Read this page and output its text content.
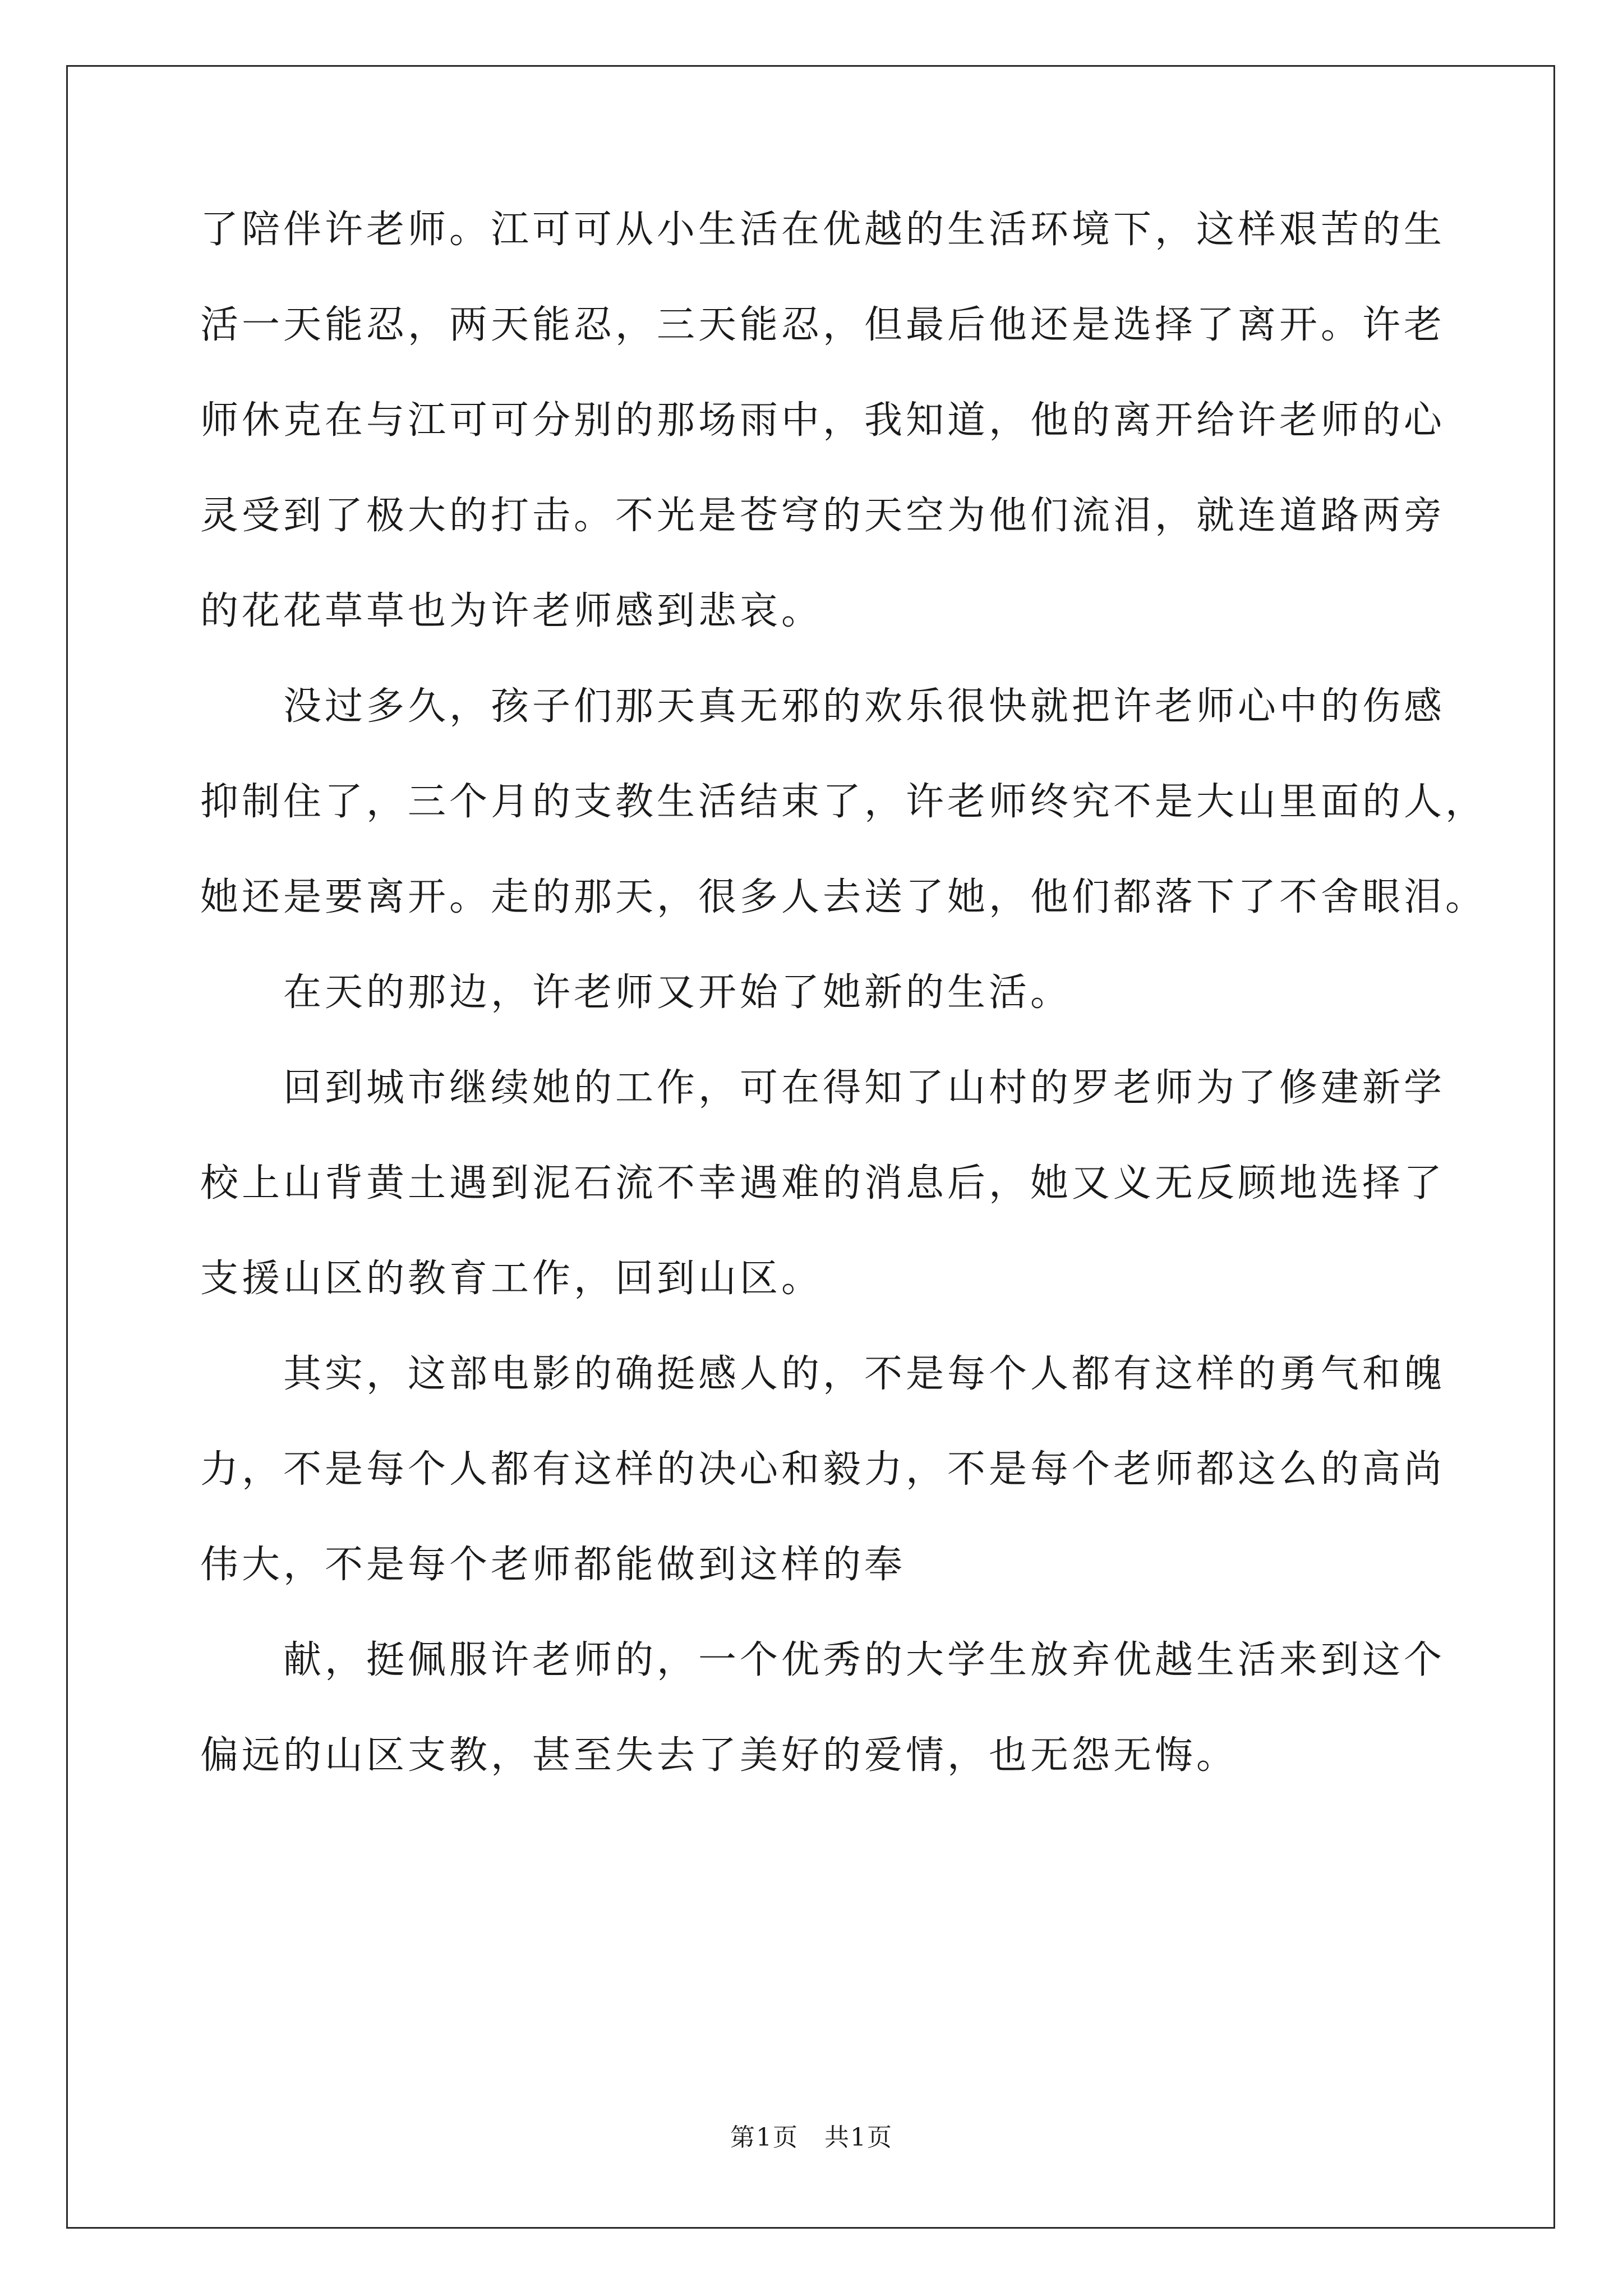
了陪伴许老师。江可可从小生活在优越的生活环境下，这样艰苦的生
活一天能忍，两天能忍，三天能忍，但最后他还是选择了离开。许老
师休克在与江可可分别的那场雨中，我知道，他的离开给许老师的心
灵受到了极大的打击。不光是苍穹的天空为他们流泪，就连道路两旁
的花花草草也为许老师感到悲哀。
没过多久，孩子们那天真无邪的欢乐很快就把许老师心中的伤感
抑制住了，三个月的支教生活结束了，许老师终究不是大山里面的人，
她还是要离开。走的那天，很多人去送了她，他们都落下了不舍眼泪。
在天的那边，许老师又开始了她新的生活。
回到城市继续她的工作，可在得知了山村的罗老师为了修建新学
校上山背黄土遇到泥石流不幸遇难的消息后，她又义无反顾地选择了
支援山区的教育工作，回到山区。
其实，这部电影的确挺感人的，不是每个人都有这样的勇气和魄
力，不是每个人都有这样的决心和毅力，不是每个老师都这么的高尚
伟大，不是每个老师都能做到这样的奉
献，挺佩服许老师的，一个优秀的大学生放弃优越生活来到这个
偏远的山区支教，甚至失去了美好的爱情，也无怨无悔。
第1页　共1页
